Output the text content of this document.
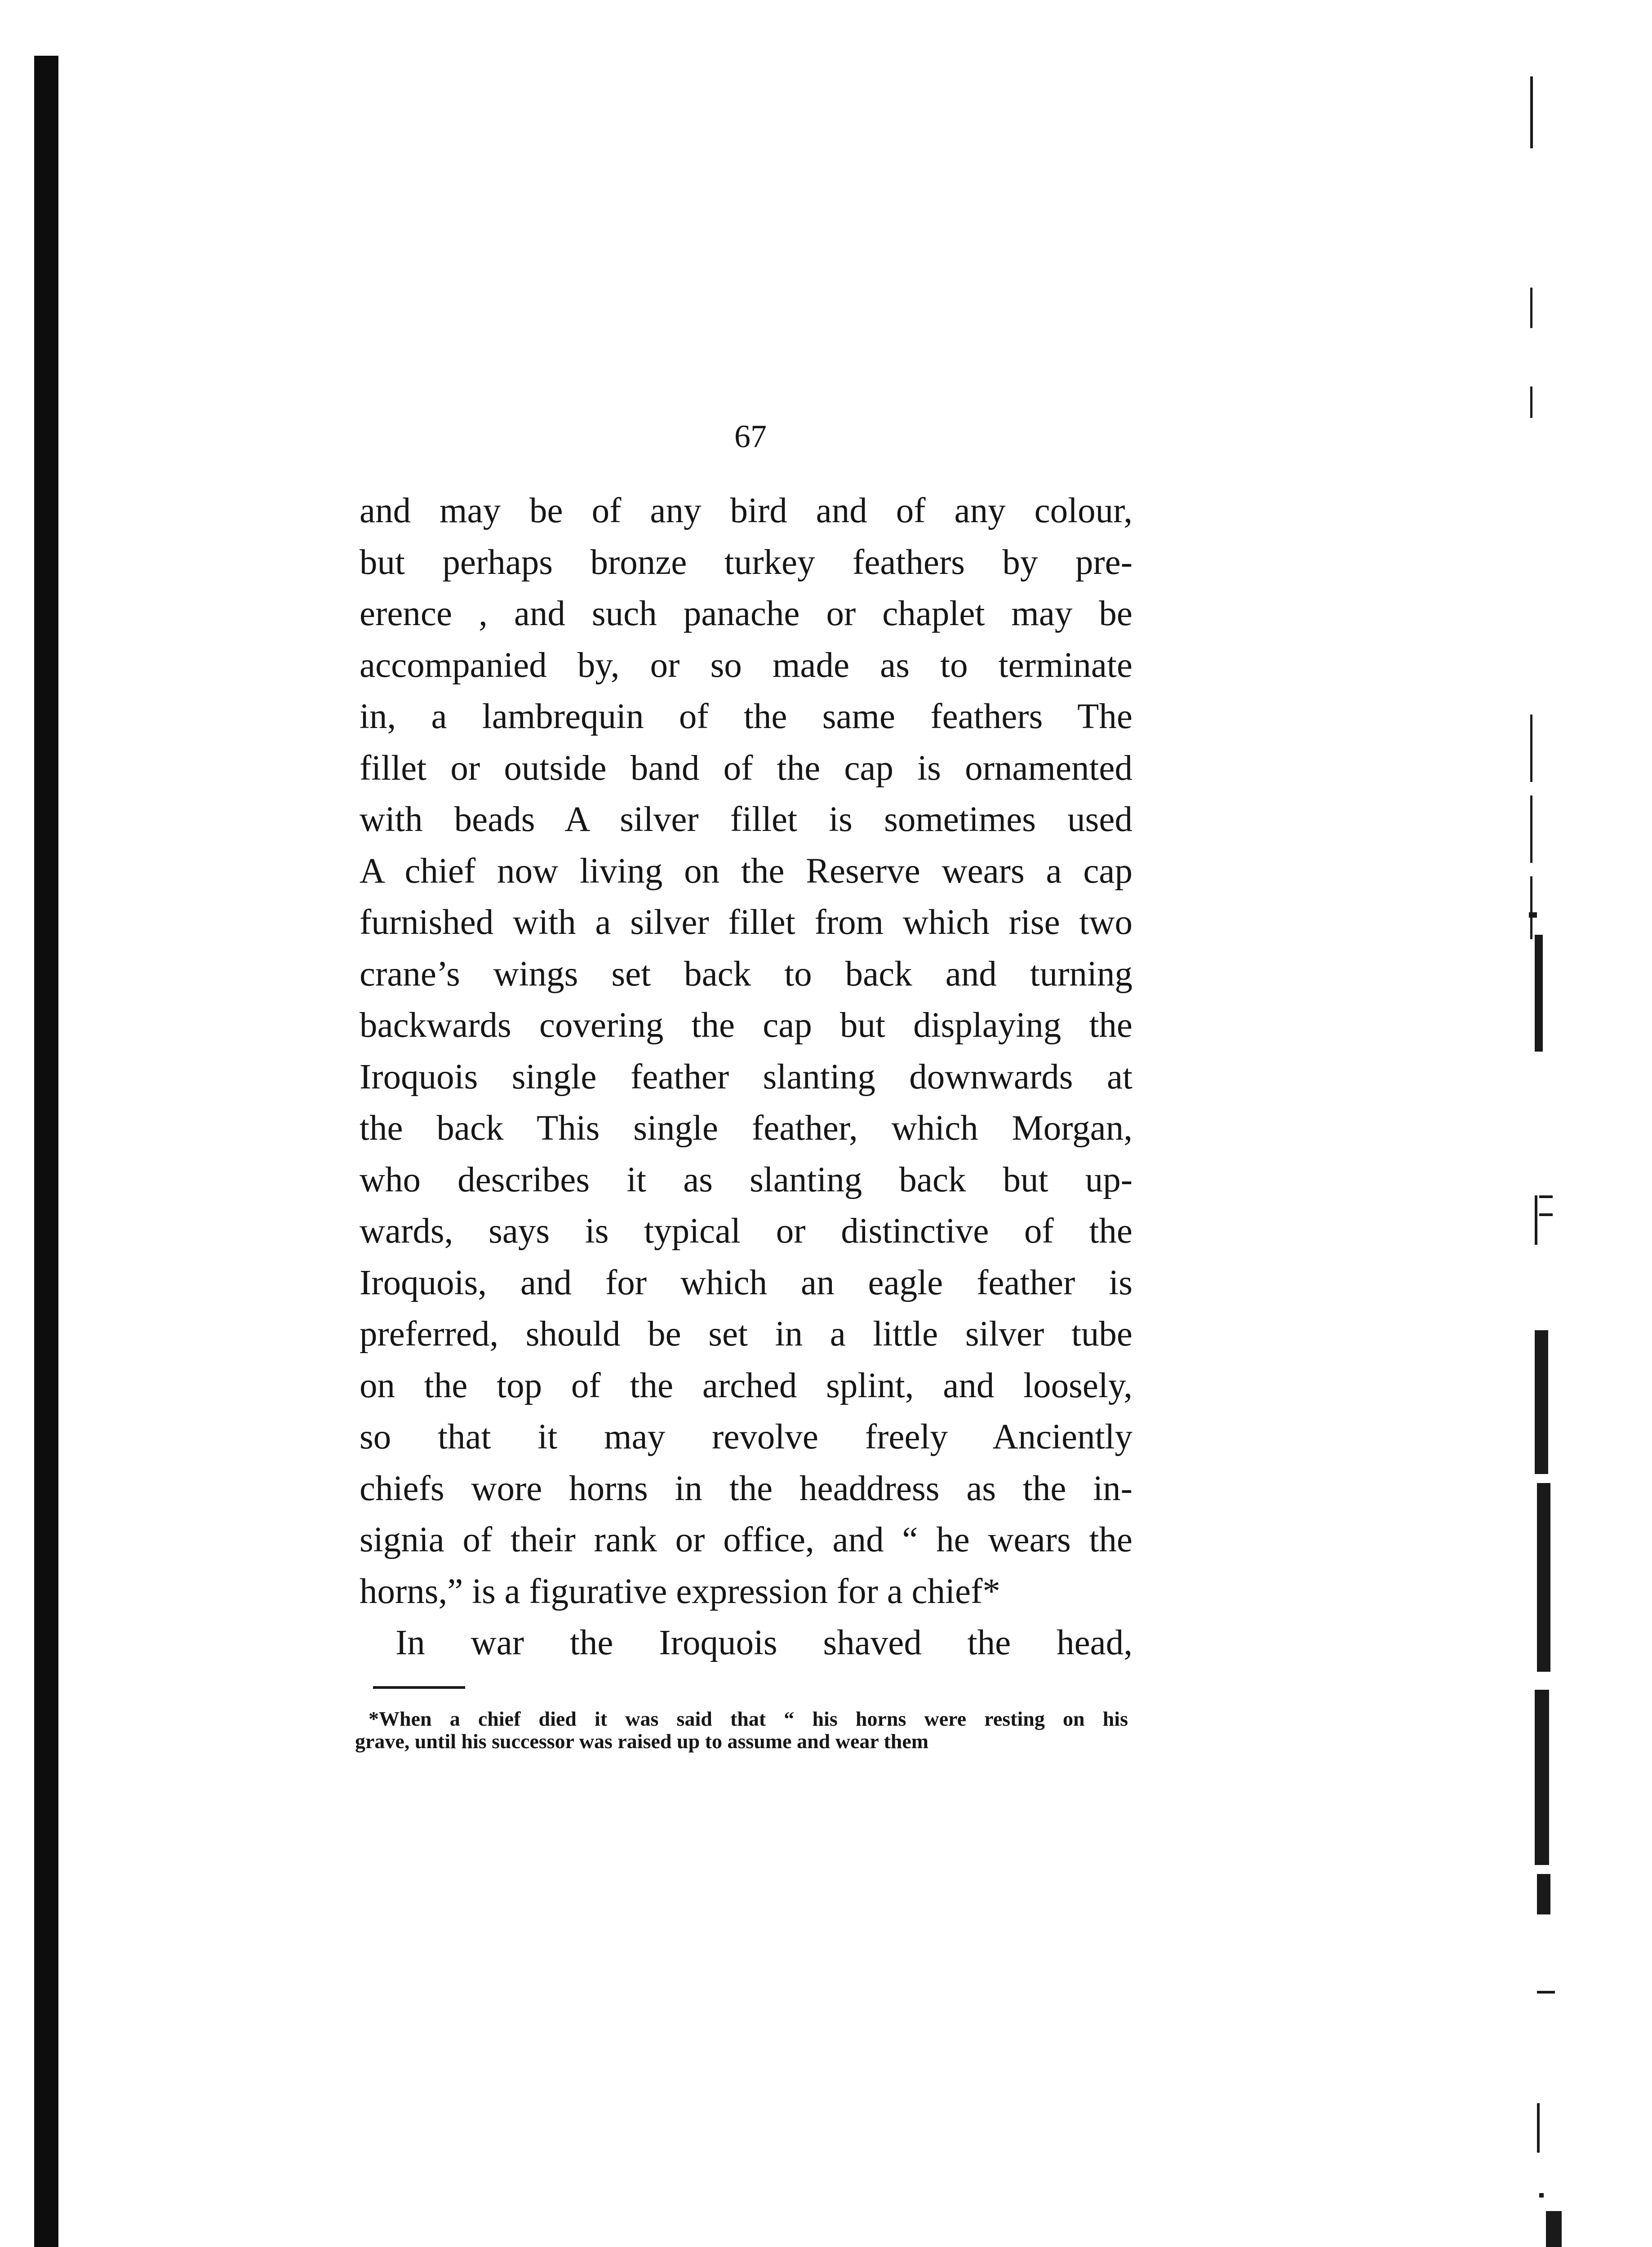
67
and may be of any bird and of any colour,
but perhaps bronze turkey feathers by pre-
erence , and such panache or chaplet may be
accompanied by, or so made as to terminate
in, a lambrequin of the same feathers The
fillet or outside band of the cap is ornamented
with beads A silver fillet is sometimes used
A chief now living on the Reserve wears a cap
furnished with a silver fillet from which rise two
crane’s wings set back to back and turning
backwards covering the cap but displaying the
Iroquois single feather slanting downwards at
the back This single feather, which Morgan,
who describes it as slanting back but up-
wards, says is typical or distinctive of the
Iroquois, and for which an eagle feather is
preferred, should be set in a little silver tube
on the top of the arched splint, and loosely,
so that it may revolve freely Anciently
chiefs wore horns in the headdress as the in-
signia of their rank or office, and “ he wears the
horns,” is a figurative expression for a chief*
In war the Iroquois shaved the head,
*When a chief died it was said that “ his horns were resting on his
grave, until his successor was raised up to assume and wear them
